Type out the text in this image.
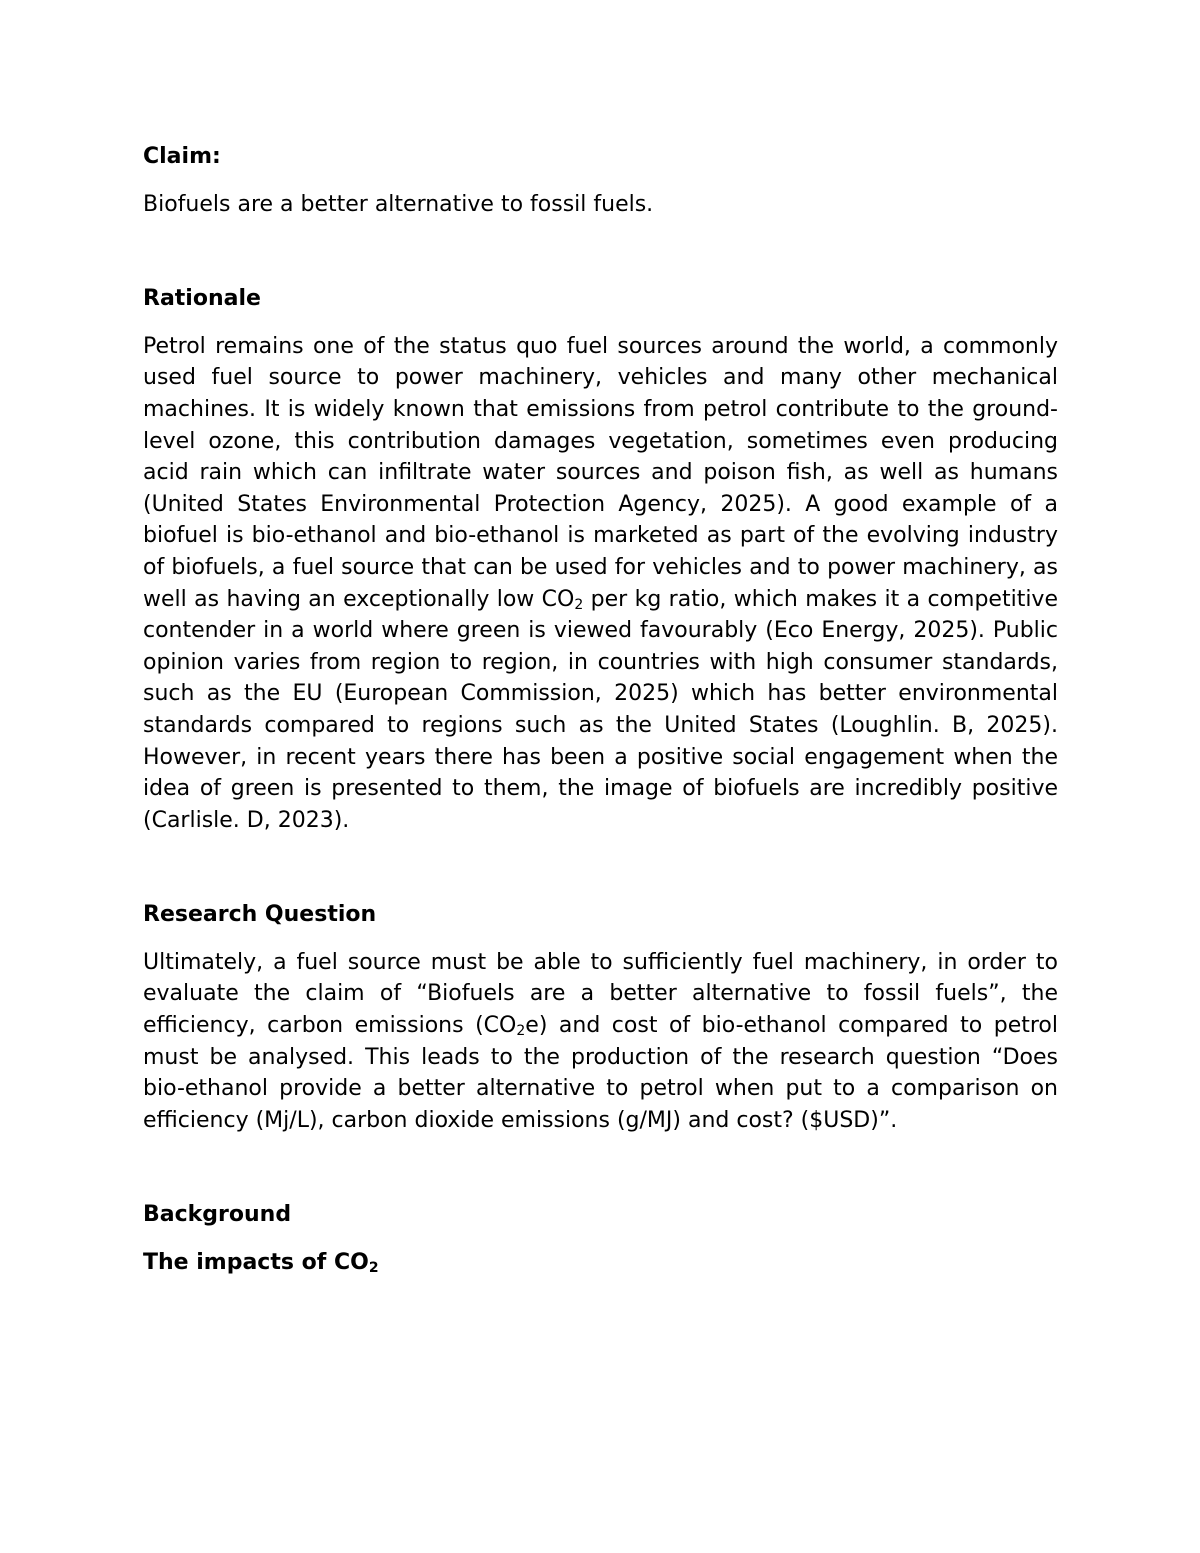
Claim:

Biofuels are a better alternative to fossil fuels.

Rationale

Petrol remains one of the status quo fuel sources around the world, a commonly used fuel source to power machinery, vehicles and many other mechanical machines. It is widely known that emissions from petrol contribute to the ground-level ozone, this contribution damages vegetation, sometimes even producing acid rain which can infiltrate water sources and poison fish, as well as humans (United States Environmental Protection Agency, 2025). A good example of a biofuel is bio-ethanol and bio-ethanol is marketed as part of the evolving industry of biofuels, a fuel source that can be used for vehicles and to power machinery, as well as having an exceptionally low $CO_2$ per kg ratio, which makes it a competitive contender in a world where green is viewed favourably (Eco Energy, 2025). Public opinion varies from region to region, in countries with high consumer standards, such as the EU (European Commission, 2025) which has better environmental standards compared to regions such as the United States (Loughlin. B, 2025). However, in recent years there has been a positive social engagement when the idea of green is presented to them, the image of biofuels are incredibly positive (Carlisle. D, 2023).

Research Question

Ultimately, a fuel source must be able to sufficiently fuel machinery, in order to evaluate the claim of “Biofuels are a better alternative to fossil fuels”, the efficiency, carbon emissions $(CO_2e)$ and cost of bio-ethanol compared to petrol must be analysed. This leads to the production of the research question “Does bio-ethanol provide a better alternative to petrol when put to a comparison on efficiency (Mj/L), carbon dioxide emissions (g/MJ) and cost? ($USD)”.

Background

The impacts of $CO_2$
